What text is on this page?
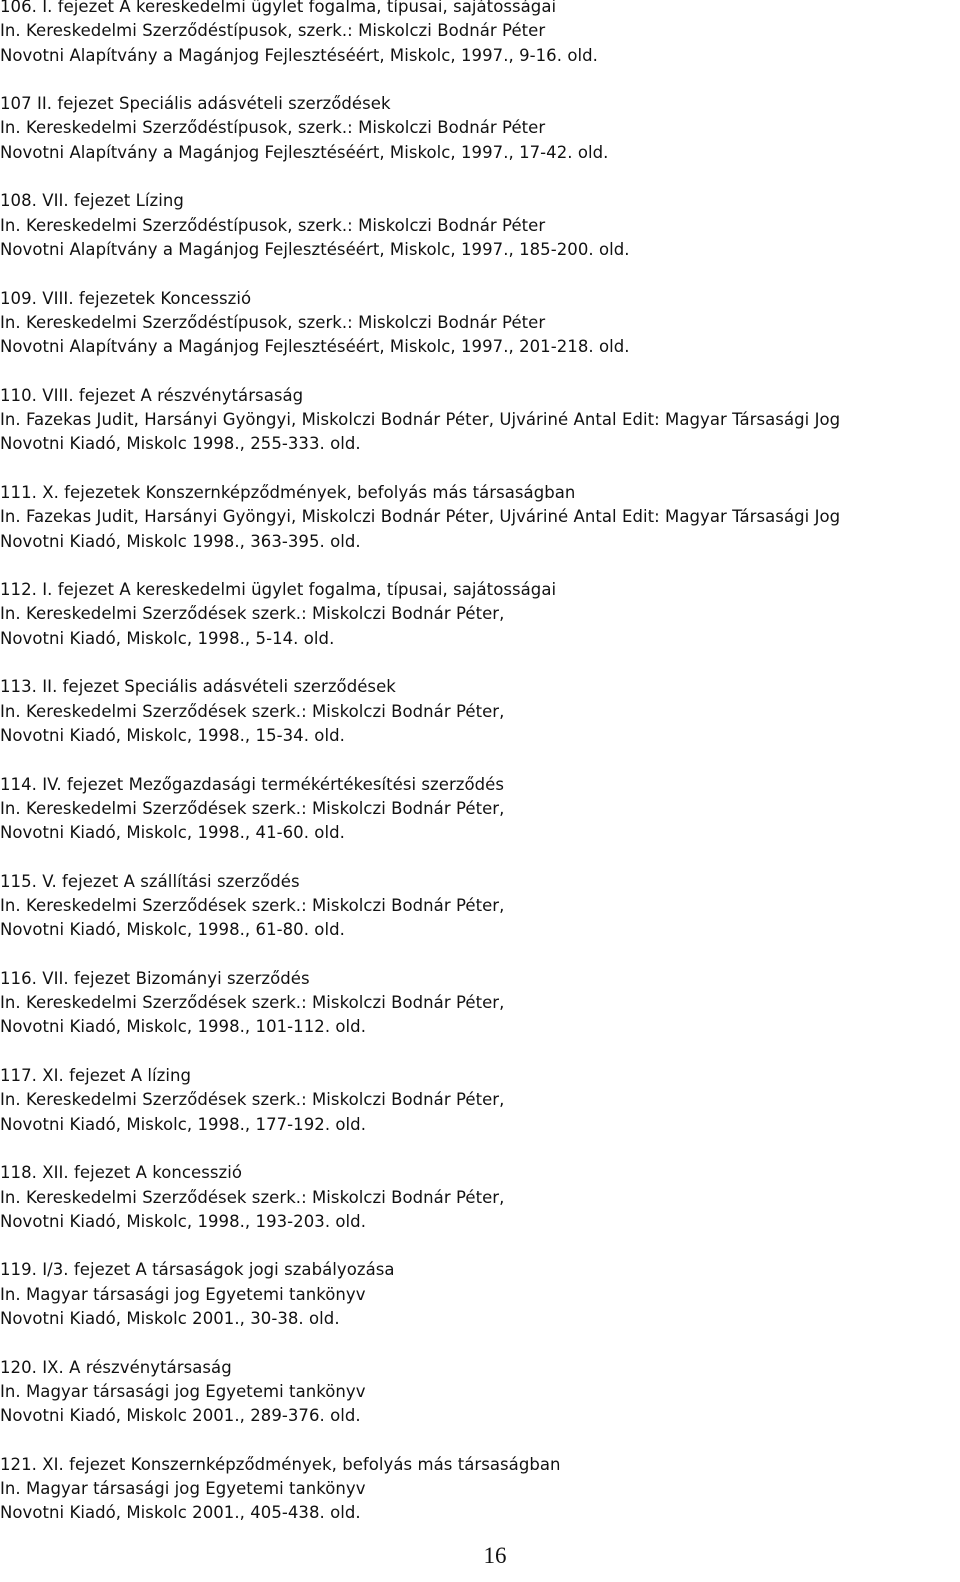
106. I. fejezet A kereskedelmi ügylet fogalma, típusai, sajátosságai
In. Kereskedelmi Szerződéstípusok, szerk.: Miskolczi Bodnár Péter
Novotni Alapítvány a Magánjog Fejlesztéséért, Miskolc, 1997., 9-16. old.
107 II. fejezet Speciális adásvételi szerződések
In. Kereskedelmi Szerződéstípusok, szerk.: Miskolczi Bodnár Péter
Novotni Alapítvány a Magánjog Fejlesztéséért, Miskolc, 1997., 17-42. old.
108. VII. fejezet Lízing
In. Kereskedelmi Szerződéstípusok, szerk.: Miskolczi Bodnár Péter
Novotni Alapítvány a Magánjog Fejlesztéséért, Miskolc, 1997., 185-200. old.
109. VIII. fejezetek Koncesszió
In. Kereskedelmi Szerződéstípusok, szerk.: Miskolczi Bodnár Péter
Novotni Alapítvány a Magánjog Fejlesztéséért, Miskolc, 1997., 201-218. old.
110. VIII. fejezet A részvénytársaság
In. Fazekas Judit, Harsányi Gyöngyi, Miskolczi Bodnár Péter, Ujváriné Antal Edit: Magyar Társasági Jog
Novotni Kiadó, Miskolc 1998., 255-333. old.
111. X. fejezetek Konszernképződmények, befolyás más társaságban
In. Fazekas Judit, Harsányi Gyöngyi, Miskolczi Bodnár Péter, Ujváriné Antal Edit: Magyar Társasági Jog
Novotni Kiadó, Miskolc 1998., 363-395. old.
112. I. fejezet A kereskedelmi ügylet fogalma, típusai, sajátosságai
In. Kereskedelmi Szerződések szerk.: Miskolczi Bodnár Péter,
Novotni Kiadó, Miskolc, 1998., 5-14. old.
113. II. fejezet Speciális adásvételi szerződések
In. Kereskedelmi Szerződések szerk.: Miskolczi Bodnár Péter,
Novotni Kiadó, Miskolc, 1998., 15-34. old.
114. IV. fejezet Mezőgazdasági termékértékesítési szerződés
In. Kereskedelmi Szerződések szerk.: Miskolczi Bodnár Péter,
Novotni Kiadó, Miskolc, 1998., 41-60. old.
115. V. fejezet A szállítási szerződés
In. Kereskedelmi Szerződések szerk.: Miskolczi Bodnár Péter,
Novotni Kiadó, Miskolc, 1998., 61-80. old.
116. VII. fejezet Bizományi szerződés
In. Kereskedelmi Szerződések szerk.: Miskolczi Bodnár Péter,
Novotni Kiadó, Miskolc, 1998., 101-112. old.
117. XI. fejezet A lízing
In. Kereskedelmi Szerződések szerk.: Miskolczi Bodnár Péter,
Novotni Kiadó, Miskolc, 1998., 177-192. old.
118. XII. fejezet A koncesszió
In. Kereskedelmi Szerződések szerk.: Miskolczi Bodnár Péter,
Novotni Kiadó, Miskolc, 1998., 193-203. old.
119. I/3. fejezet A társaságok jogi szabályozása
In. Magyar társasági jog Egyetemi tankönyv
Novotni Kiadó, Miskolc 2001., 30-38. old.
120. IX. A részvénytársaság
In. Magyar társasági jog Egyetemi tankönyv
Novotni Kiadó, Miskolc 2001., 289-376. old.
121. XI. fejezet Konszernképződmények, befolyás más társaságban
In. Magyar társasági jog Egyetemi tankönyv
Novotni Kiadó, Miskolc 2001., 405-438. old.
16
